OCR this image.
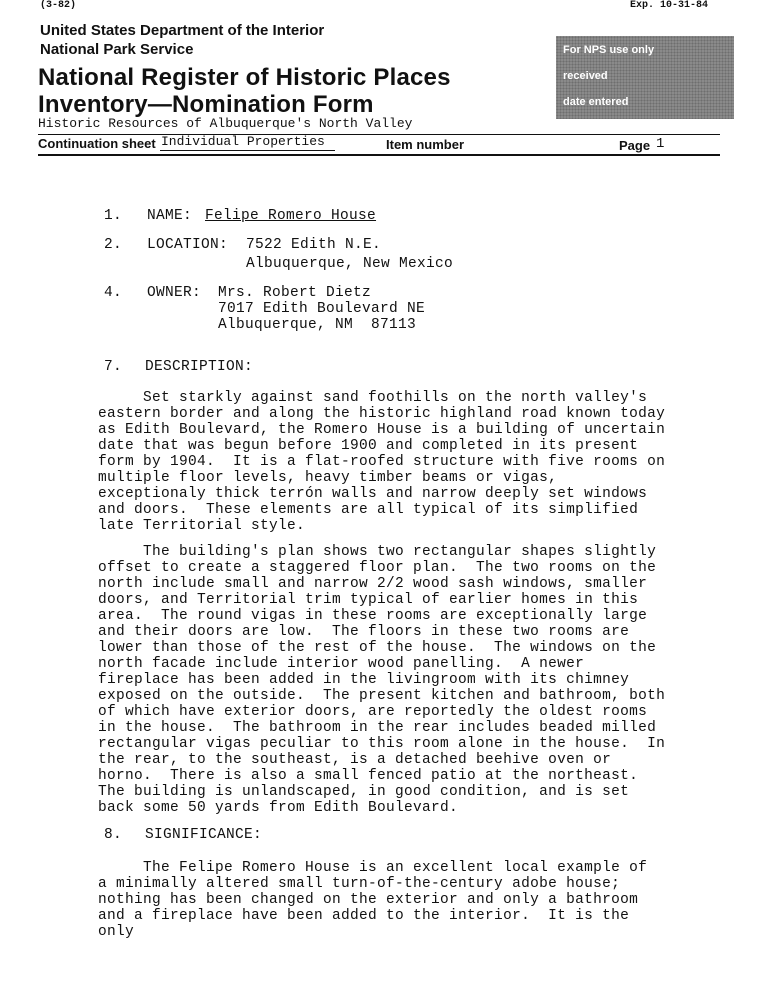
(3-82)	Exp. 10-31-84
United States Department of the Interior
National Park Service
National Register of Historic Places
Inventory—Nomination Form
Historic Resources of Albuquerque's North Valley
Continuation sheet Individual Properties	Item number	Page 1
For NPS use only
received
date entered
1. NAME: Felipe Romero House
2. LOCATION: 7522 Edith N.E.
Albuquerque, New Mexico
4. OWNER: Mrs. Robert Dietz
7017 Edith Boulevard NE
Albuquerque, NM  87113
7. DESCRIPTION:
Set starkly against sand foothills on the north valley's
eastern border and along the historic highland road known today
as Edith Boulevard, the Romero House is a building of uncertain
date that was begun before 1900 and completed in its present
form by 1904.  It is a flat-roofed structure with five rooms on
multiple floor levels, heavy timber beams or vigas,
exceptionaly thick terrón walls and narrow deeply set windows
and doors.  These elements are all typical of its simplified
late Territorial style.
The building's plan shows two rectangular shapes slightly
offset to create a staggered floor plan.  The two rooms on the
north include small and narrow 2/2 wood sash windows, smaller
doors, and Territorial trim typical of earlier homes in this
area.  The round vigas in these rooms are exceptionally large
and their doors are low.  The floors in these two rooms are
lower than those of the rest of the house.  The windows on the
north facade include interior wood panelling.  A newer
fireplace has been added in the livingroom with its chimney
exposed on the outside.  The present kitchen and bathroom, both
of which have exterior doors, are reportedly the oldest rooms
in the house.  The bathroom in the rear includes beaded milled
rectangular vigas peculiar to this room alone in the house.  In
the rear, to the southeast, is a detached beehive oven or
horno.  There is also a small fenced patio at the northeast.
The building is unlandscaped, in good condition, and is set
back some 50 yards from Edith Boulevard.
8. SIGNIFICANCE:
The Felipe Romero House is an excellent local example of
a minimally altered small turn-of-the-century adobe house;
nothing has been changed on the exterior and only a bathroom
and a fireplace have been added to the interior.  It is the
only
